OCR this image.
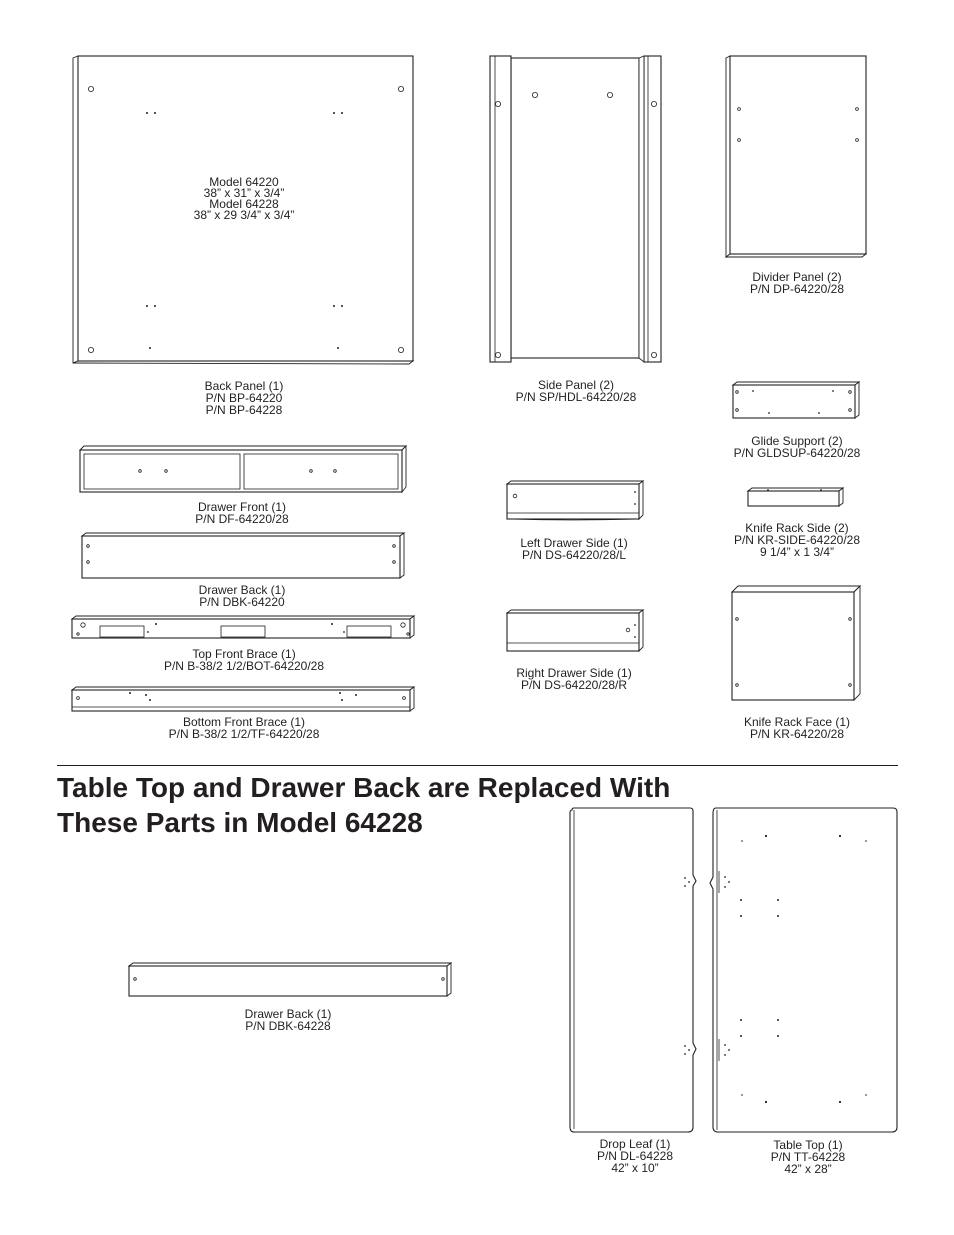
Model 64220
38” x 31” x 3/4”
Model 64228
38” x 29 3/4” x 3/4”
Back Panel (1)
P/N BP-64220
P/N BP-64228
Side Panel (2)
P/N SP/HDL-64220/28
Divider Panel (2)
P/N DP-64220/28
Glide Support (2)
P/N GLDSUP-64220/28
Drawer Front (1)
P/N DF-64220/28
Drawer Back (1)
P/N DBK-64220
Top Front Brace (1)
P/N B-38/2 1/2/BOT-64220/28
Bottom Front Brace (1)
P/N B-38/2 1/2/TF-64220/28
Left Drawer Side (1)
P/N DS-64220/28/L
Right Drawer Side (1)
P/N DS-64220/28/R
Knife Rack Side (2)
P/N KR-SIDE-64220/28
9 1/4” x 1 3/4”
Knife Rack Face (1)
P/N KR-64220/28
Table Top and Drawer Back are Replaced With
These Parts in Model 64228
Drawer Back (1)
P/N DBK-64228
Drop Leaf (1)
P/N DL-64228
42” x 10”
Table Top (1)
P/N TT-64228
42” x 28”
